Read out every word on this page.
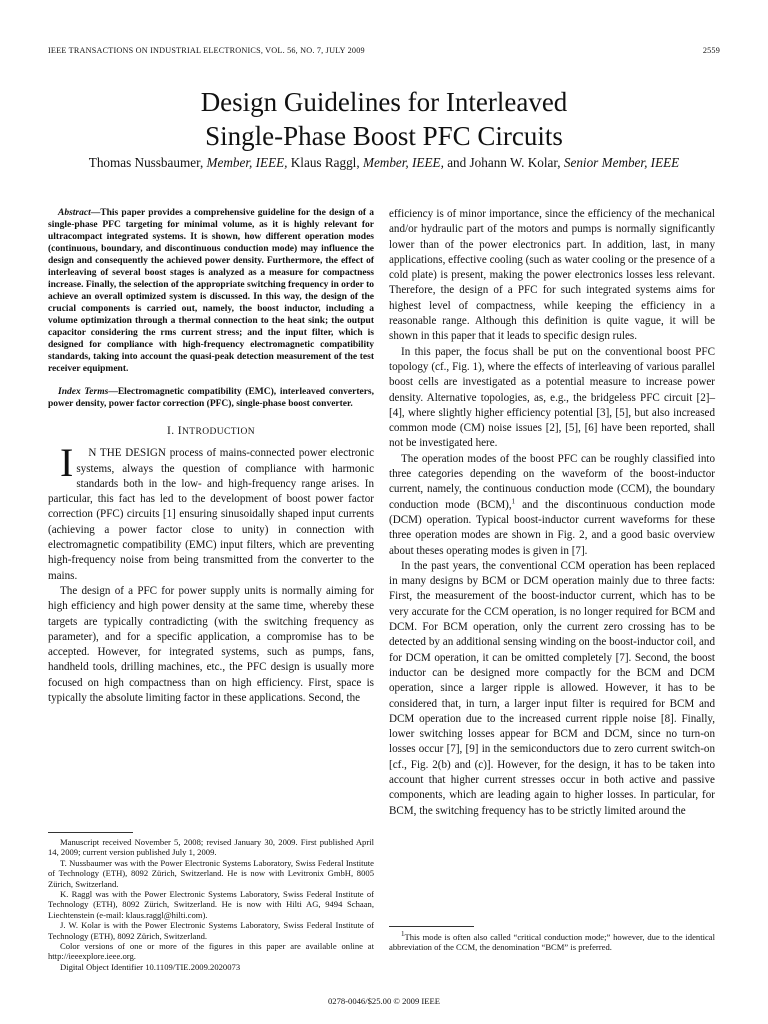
IEEE TRANSACTIONS ON INDUSTRIAL ELECTRONICS, VOL. 56, NO. 7, JULY 2009	2559
Design Guidelines for Interleaved
Single-Phase Boost PFC Circuits
Thomas Nussbaumer, Member, IEEE, Klaus Raggl, Member, IEEE, and Johann W. Kolar, Senior Member, IEEE

Abstract—This paper provides a comprehensive guideline for the design of a single-phase PFC targeting for minimal volume, as it is highly relevant for ultracompact integrated systems. It is shown, how different operation modes (continuous, boundary, and discontinuous conduction mode) may influence the design and consequently the achieved power density. Furthermore, the effect of interleaving of several boost stages is analyzed as a measure for compactness increase. Finally, the selection of the appropriate switching frequency in order to achieve an overall optimized system is discussed. In this way, the design of the crucial components is carried out, namely, the boost inductor, including a volume optimization through a thermal connection to the heat sink; the output capacitor considering the rms current stress; and the input filter, which is designed for compliance with high-frequency electromagnetic compatibility standards, taking into account the quasi-peak detection measurement of the test receiver equipment.

Index Terms—Electromagnetic compatibility (EMC), interleaved converters, power density, power factor correction (PFC), single-phase boost converter.
I. INTRODUCTION

I N THE DESIGN process of mains-connected power electronic systems, always the question of compliance with harmonic standards both in the low- and high-frequency range arises. In particular, this fact has led to the development of boost power factor correction (PFC) circuits [1] ensuring sinusoidally shaped input currents (achieving a power factor close to unity) in connection with electromagnetic compatibility (EMC) input filters, which are preventing high-frequency noise from being transmitted from the converter to the mains.

The design of a PFC for power supply units is normally aiming for high efficiency and high power density at the same time, whereby these targets are typically contradicting (with the switching frequency as parameter), and for a specific application, a compromise has to be accepted. However, for integrated systems, such as pumps, fans, handheld tools, drilling machines, etc., the PFC design is usually more focused on high compactness than on high efficiency. First, space is typically the absolute limiting factor in these applications. Second, the

Manuscript received November 5, 2008; revised January 30, 2009. First published April 14, 2009; current version published July 1, 2009.

T. Nussbaumer was with the Power Electronic Systems Laboratory, Swiss Federal Institute of Technology (ETH), 8092 Zürich, Switzerland. He is now with Levitronix GmbH, 8005 Zürich, Switzerland.

K. Raggl was with the Power Electronic Systems Laboratory, Swiss Federal Institute of Technology (ETH), 8092 Zürich, Switzerland. He is now with Hilti AG, 9494 Schaan, Liechtenstein (e-mail: klaus.raggl@hilti.com).

J. W. Kolar is with the Power Electronic Systems Laboratory, Swiss Federal Institute of Technology (ETH), 8092 Zürich, Switzerland.

Color versions of one or more of the figures in this paper are available online at http://ieeexplore.ieee.org.

Digital Object Identifier 10.1109/TIE.2009.2020073

efficiency is of minor importance, since the efficiency of the mechanical and/or hydraulic part of the motors and pumps is normally significantly lower than of the power electronics part. In addition, last, in many applications, effective cooling (such as water cooling or the presence of a cold plate) is present, making the power electronics losses less relevant. Therefore, the design of a PFC for such integrated systems aims for highest level of compactness, while keeping the efficiency in a reasonable range. Although this definition is quite vague, it will be shown in this paper that it leads to specific design rules.

In this paper, the focus shall be put on the conventional boost PFC topology (cf., Fig. 1), where the effects of interleaving of various parallel boost cells are investigated as a potential measure to increase power density. Alternative topologies, as, e.g., the bridgeless PFC circuit [2]–[4], where slightly higher efficiency potential [3], [5], but also increased common mode (CM) noise issues [2], [5], [6] have been reported, shall not be investigated here.

The operation modes of the boost PFC can be roughly classified into three categories depending on the waveform of the boost-inductor current, namely, the continuous conduction mode (CCM), the boundary conduction mode (BCM),$^1$ and the discontinuous conduction mode (DCM) operation. Typical boost-inductor current waveforms for these three operation modes are shown in Fig. 2, and a good basic overview about theses operating modes is given in [7].

In the past years, the conventional CCM operation has been replaced in many designs by BCM or DCM operation mainly due to three facts: First, the measurement of the boost-inductor current, which has to be very accurate for the CCM operation, is no longer required for BCM and DCM. For BCM operation, only the current zero crossing has to be detected by an additional sensing winding on the boost-inductor coil, and for DCM operation, it can be omitted completely [7]. Second, the boost inductor can be designed more compactly for the BCM and DCM operation, since a larger ripple is allowed. However, it has to be considered that, in turn, a larger input filter is required for BCM and DCM operation due to the increased current ripple noise [8]. Finally, lower switching losses appear for BCM and DCM, since no turn-on losses occur [7], [9] in the semiconductors due to zero current switch-on [cf., Fig. 2(b) and (c)]. However, for the design, it has to be taken into account that higher current stresses occur in both active and passive components, which are leading again to higher losses. In particular, for BCM, the switching frequency has to be strictly limited around the

$^1$This mode is often also called “critical conduction mode;” however, due to the identical abbreviation of the CCM, the denomination “BCM” is preferred.

0278-0046/$25.00 © 2009 IEEE
